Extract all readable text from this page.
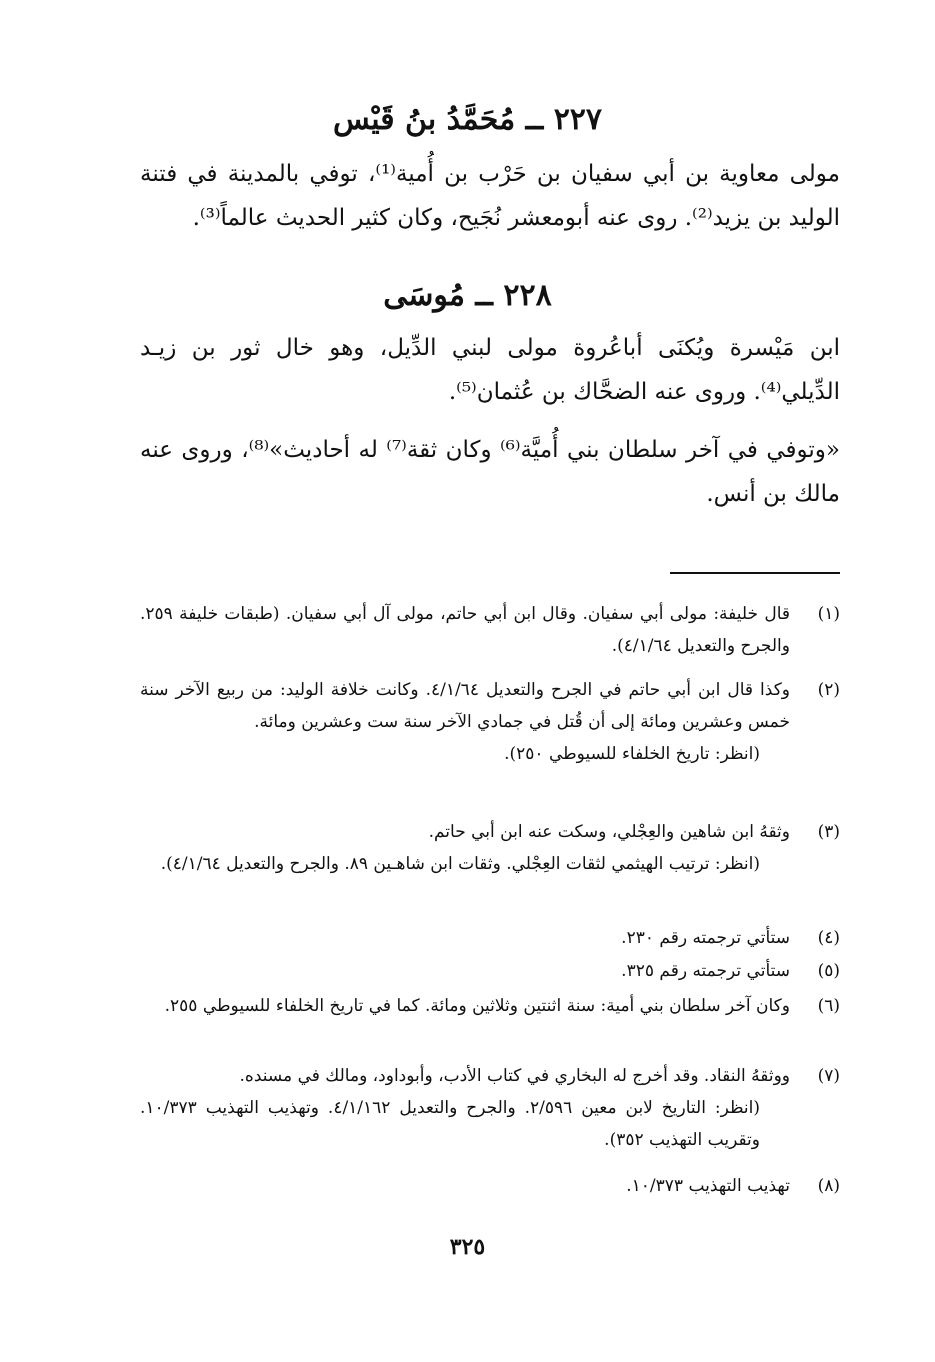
٢٢٧ ــ مُحَمَّدُ بنُ قَيْس
مولى معاوية بن أبي سفيان بن حَرْب بن أُمية⁽¹⁾، توفي بالمدينة في فتنة الوليد بن يزيد⁽²⁾. روى عنه أبومعشر نُجَيح، وكان كثير الحديث عالماً⁽³⁾.
٢٢٨ ــ مُوسَى
ابن مَيْسرة ويُكنَى أباعُروة مولى لبني الدِّيل، وهو خال ثور بن زيـد الدِّيلي⁽⁴⁾. وروى عنه الضحَّاك بن عُثمان⁽⁵⁾.
«وتوفي في آخر سلطان بني أُميَّة⁽⁶⁾ وكان ثقة⁽⁷⁾ له أحاديث»⁽⁸⁾، وروى عنه مالك بن أنس.
(١)
قال خليفة: مولى أبي سفيان. وقال ابن أبي حاتم، مولى آل أبي سفيان. (طبقات خليفة ٢٥٩. والجرح والتعديل ٤/١/٦٤).
(٢)
وكذا قال ابن أبي حاتم في الجرح والتعديل ٤/١/٦٤. وكانت خلافة الوليد: من ربيع الآخر سنة خمس وعشرين ومائة إلى أن قُتل في جمادي الآخر سنة ست وعشرين ومائة.
(انظر: تاريخ الخلفاء للسيوطي ٢٥٠).
(٣)
وثقهُ ابن شاهين والعِجْلي، وسكت عنه ابن أبي حاتم.
(انظر: ترتيب الهيثمي لثقات العِجْلي. وثقات ابن شاهـين ٨٩. والجرح والتعديل ٤/١/٦٤).
(٤)
ستأتي ترجمته رقم ٢٣٠.
(٥)
ستأتي ترجمته رقم ٣٢٥.
(٦)
وكان آخر سلطان بني أمية: سنة اثنتين وثلاثين ومائة. كما في تاريخ الخلفاء للسيوطي ٢٥٥.
(٧)
ووثقهُ النقاد. وقد أخرج له البخاري في كتاب الأدب، وأبوداود، ومالك في مسنده.
(انظر: التاريخ لابن معين ٢/٥٩٦. والجرح والتعديل ٤/١/١٦٢. وتهذيب التهذيب ١٠/٣٧٣. وتقريب التهذيب ٣٥٢).
(٨)
تهذيب التهذيب ١٠/٣٧٣.
٣٢٥
